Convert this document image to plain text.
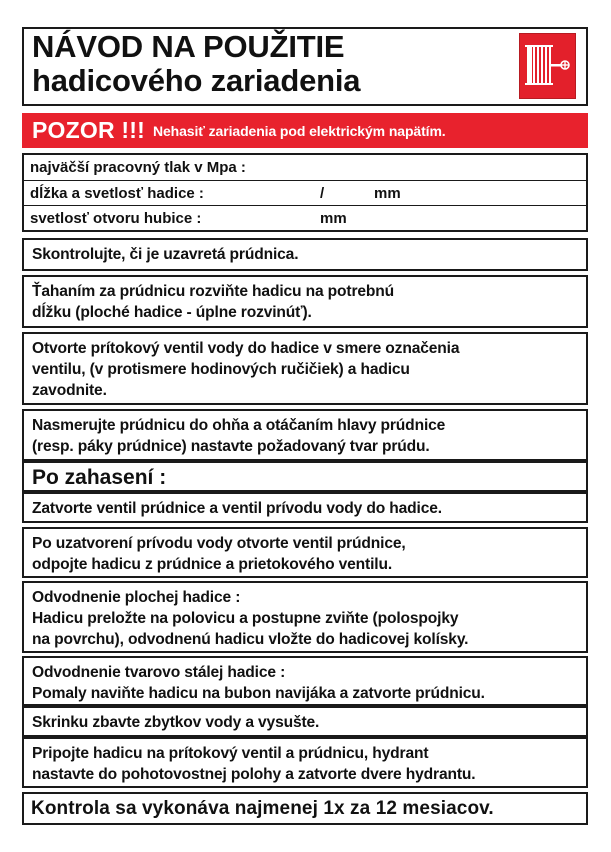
NÁVOD NA POUŽITIE
hadicového zariadenia
POZOR !!! Nehasiť zariadenia pod elektrickým napätím.
najväčší pracovný tlak v Mpa :
dĺžka a svetlosť hadice :	/	mm
svetlosť otvoru hubice :	mm
Skontrolujte, či je uzavretá prúdnica.
Ťahaním za prúdnicu rozviňte hadicu na potrebnú
dĺžku (ploché hadice - úplne rozvinúť).
Otvorte prítokový ventil vody do hadice v smere označenia
ventilu, (v protismere hodinových ručičiek) a hadicu
zavodnite.
Nasmerujte prúdnicu do ohňa a otáčaním hlavy prúdnice
(resp. páky prúdnice) nastavte požadovaný tvar prúdu.
Po zahasení :
Zatvorte ventil prúdnice a ventil prívodu vody do hadice.
Po uzatvorení prívodu vody otvorte ventil prúdnice,
odpojte hadicu z prúdnice a prietokového ventilu.
Odvodnenie plochej hadice :
Hadicu preložte na polovicu a postupne zviňte (polospojky
na povrchu), odvodnenú hadicu vložte do hadicovej kolísky.
Odvodnenie tvarovo stálej hadice :
Pomaly naviňte hadicu na bubon navijáka a zatvorte prúdnicu.
Skrinku zbavte zbytkov vody a vysušte.
Pripojte hadicu na prítokový ventil a prúdnicu, hydrant
nastavte do pohotovostnej polohy a zatvorte dvere hydrantu.
Kontrola sa vykonáva najmenej 1x za 12 mesiacov.
